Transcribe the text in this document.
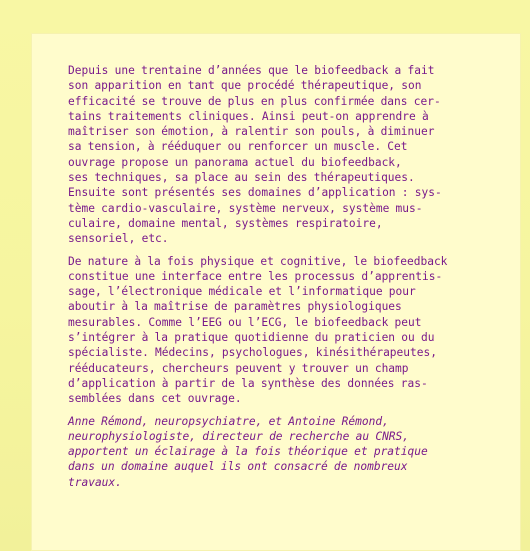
Depuis une trentaine d’années que le biofeedback a fait
son apparition en tant que procédé thérapeutique, son
efficacité se trouve de plus en plus confirmée dans cer-
tains traitements cliniques. Ainsi peut-on apprendre à
maîtriser son émotion, à ralentir son pouls, à diminuer
sa tension, à rééduquer ou renforcer un muscle. Cet
ouvrage propose un panorama actuel du biofeedback,
ses techniques, sa place au sein des thérapeutiques.
Ensuite sont présentés ses domaines d’application : sys-
tème cardio-vasculaire, système nerveux, système mus-
culaire, domaine mental, systèmes respiratoire,
sensoriel, etc.
De nature à la fois physique et cognitive, le biofeedback
constitue une interface entre les processus d’apprentis-
sage, l’électronique médicale et l’informatique pour
aboutir à la maîtrise de paramètres physiologiques
mesurables. Comme l’EEG ou l’ECG, le biofeedback peut
s’intégrer à la pratique quotidienne du praticien ou du
spécialiste. Médecins, psychologues, kinésithérapeutes,
rééducateurs, chercheurs peuvent y trouver un champ
d’application à partir de la synthèse des données ras-
semblées dans cet ouvrage.
Anne Rémond, neuropsychiatre, et Antoine Rémond,
neurophysiologiste, directeur de recherche au CNRS,
apportent un éclairage à la fois théorique et pratique
dans un domaine auquel ils ont consacré de nombreux
travaux.
